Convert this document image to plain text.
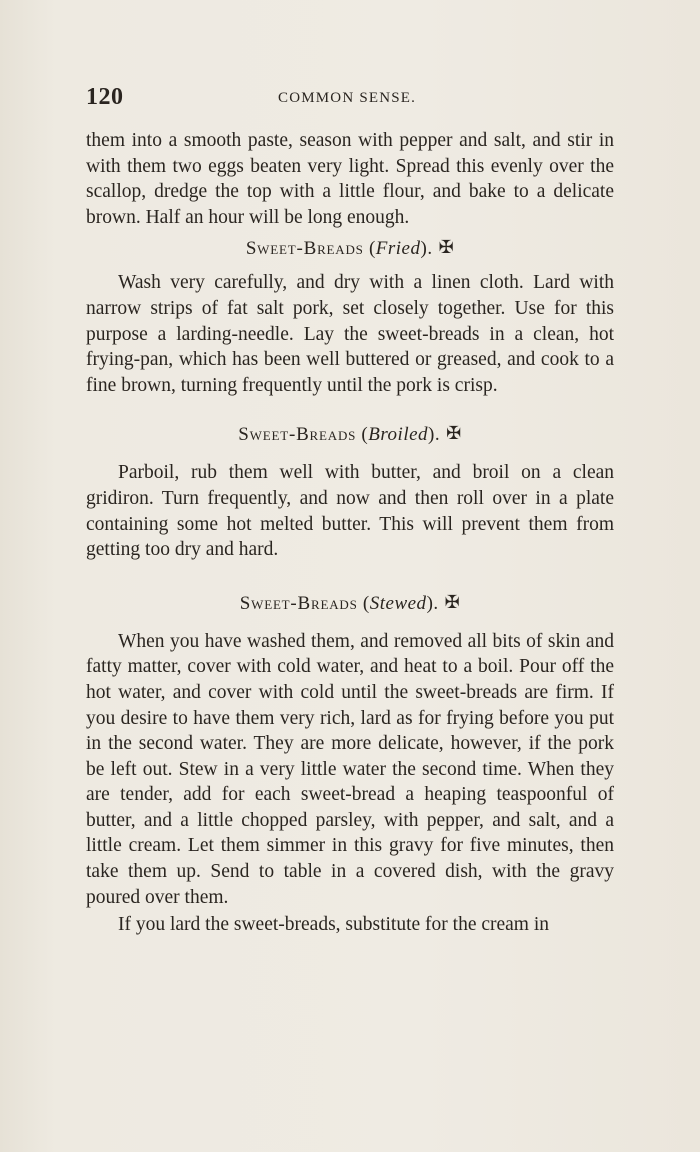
120	COMMON SENSE.

them into a smooth paste, season with pepper and salt, and stir in with them two eggs beaten very light. Spread this evenly over the scallop, dredge the top with a little flour, and bake to a delicate brown. Half an hour will be long enough.

Sweet-Breads (Fried). ✠

Wash very carefully, and dry with a linen cloth. Lard with narrow strips of fat salt pork, set closely together. Use for this purpose a larding-needle. Lay the sweet-breads in a clean, hot frying-pan, which has been well buttered or greased, and cook to a fine brown, turning frequently until the pork is crisp.

Sweet-Breads (Broiled). ✠

Parboil, rub them well with butter, and broil on a clean gridiron. Turn frequently, and now and then roll over in a plate containing some hot melted butter. This will prevent them from getting too dry and hard.

Sweet-Breads (Stewed). ✠

When you have washed them, and removed all bits of skin and fatty matter, cover with cold water, and heat to a boil. Pour off the hot water, and cover with cold until the sweet-breads are firm. If you desire to have them very rich, lard as for frying before you put in the second water. They are more delicate, however, if the pork be left out. Stew in a very little water the second time. When they are tender, add for each sweet-bread a heaping teaspoonful of butter, and a little chopped parsley, with pepper, and salt, and a little cream. Let them simmer in this gravy for five minutes, then take them up. Send to table in a covered dish, with the gravy poured over them.

If you lard the sweet-breads, substitute for the cream in
